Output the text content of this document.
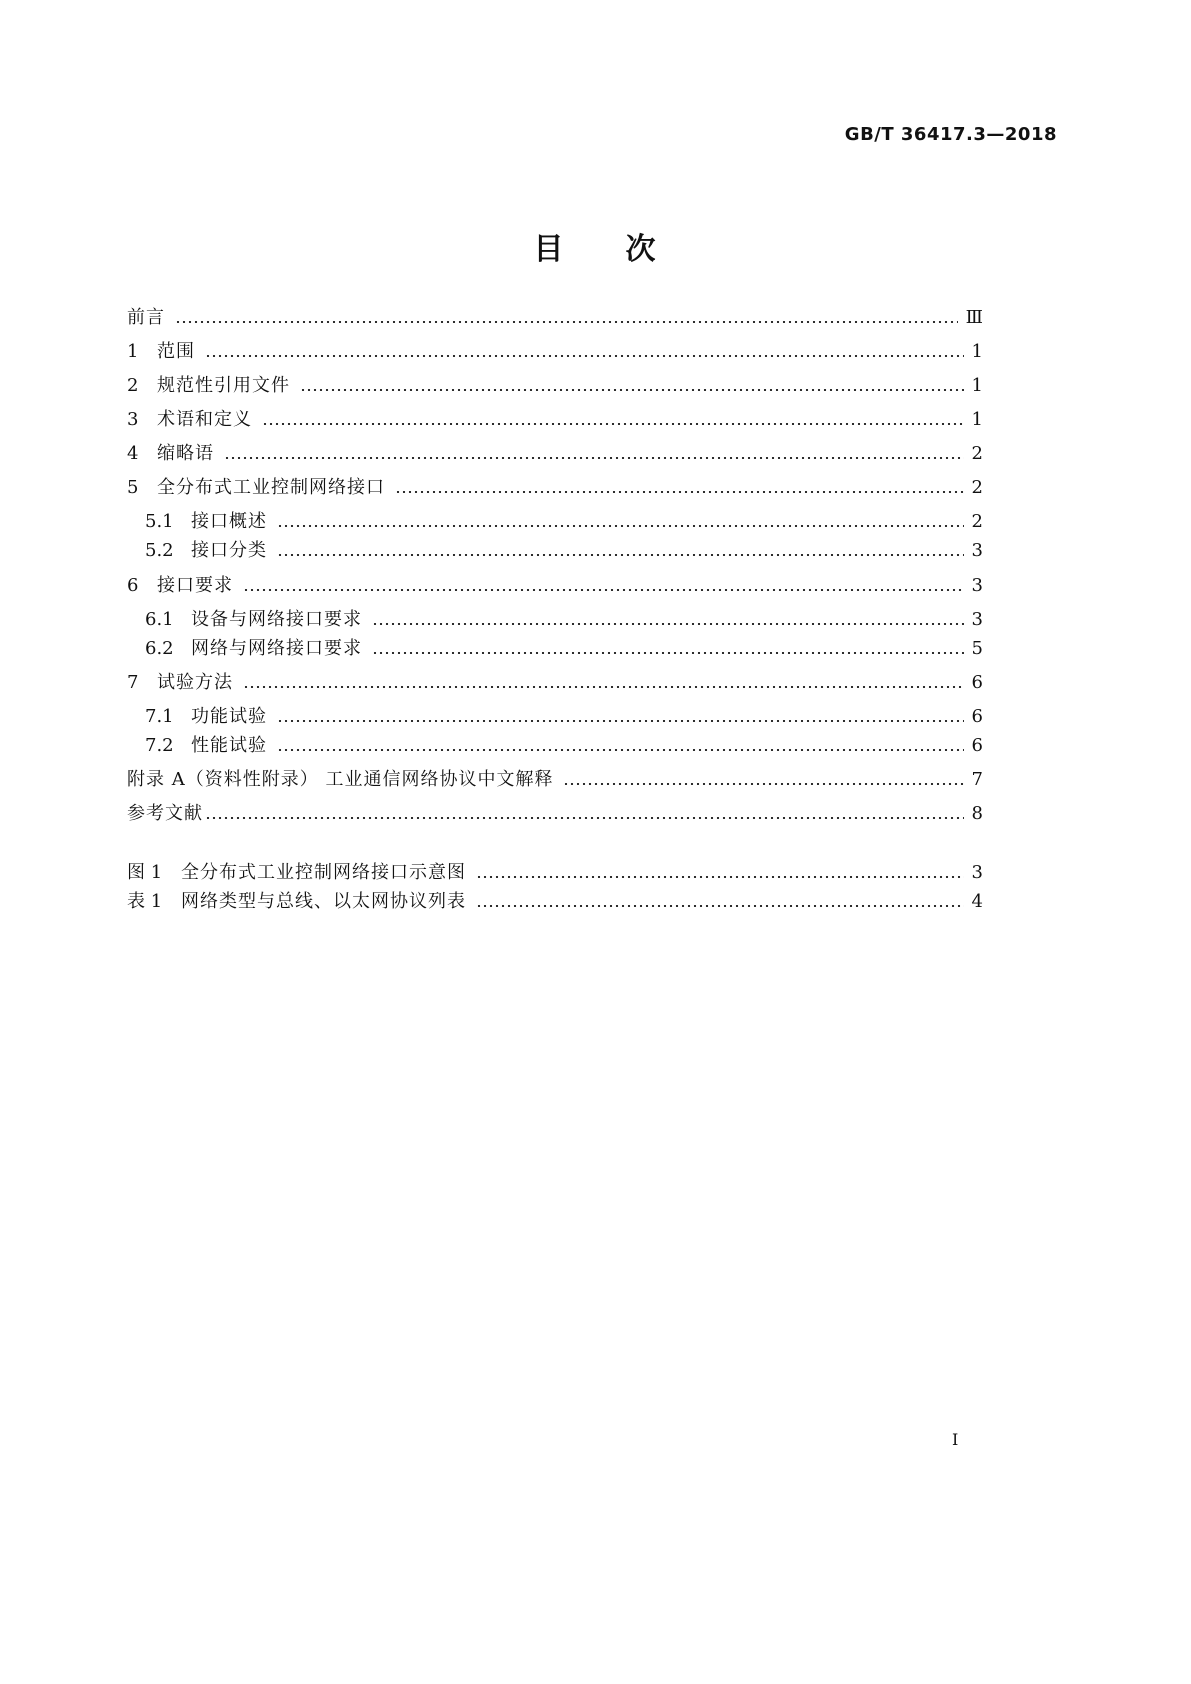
GB/T 36417.3—2018
目 次
前言	Ⅲ
1	范围	1
2	规范性引用文件	1
3	术语和定义	1
4	缩略语	2
5	全分布式工业控制网络接口	2
5.1 接口概述	2
5.2 接口分类	3
6	接口要求	3
6.1 设备与网络接口要求	3
6.2 网络与网络接口要求	5
7	试验方法	6
7.1 功能试验	6
7.2 性能试验	6
附录 A（资料性附录） 工业通信网络协议中文解释	7
参考文献	8
图 1	全分布式工业控制网络接口示意图	3
表 1	网络类型与总线、以太网协议列表	4
I
